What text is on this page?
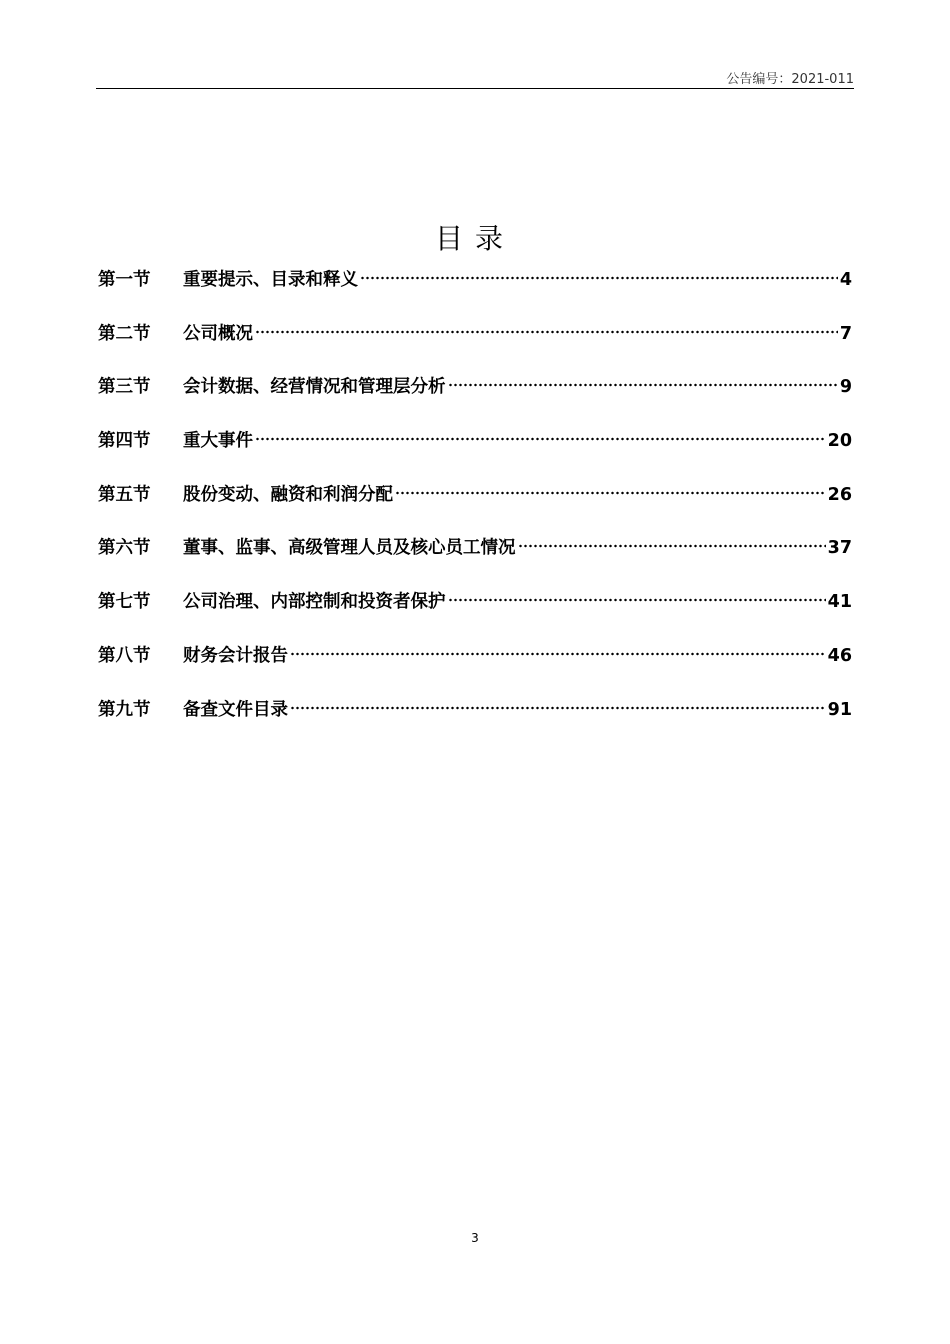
公告编号：2021-011
目录
第一节	重要提示、目录和释义	4
第二节	公司概况	7
第三节	会计数据、经营情况和管理层分析	9
第四节	重大事件	20
第五节	股份变动、融资和利润分配	26
第六节	董事、监事、高级管理人员及核心员工情况	37
第七节	公司治理、内部控制和投资者保护	41
第八节	财务会计报告	46
第九节	备查文件目录	91
3
